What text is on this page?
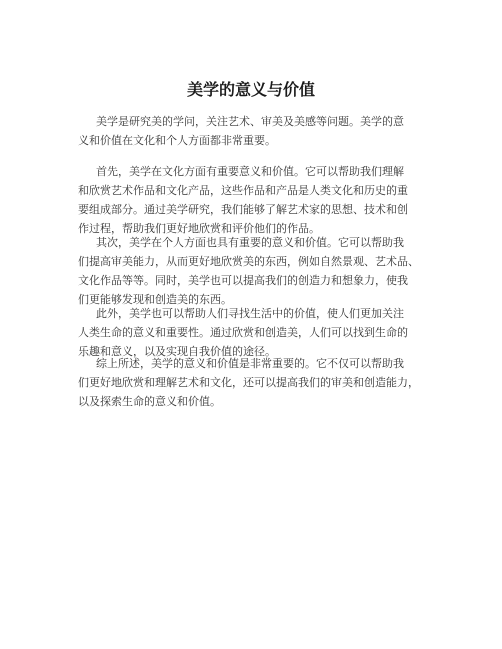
美学的意义与价值

美学是研究美的学问，关注艺术、审美及美感等问题。美学的意
义和价值在文化和个人方面都非常重要。

首先，美学在文化方面有重要意义和价值。它可以帮助我们理解
和欣赏艺术作品和文化产品，这些作品和产品是人类文化和历史的重
要组成部分。通过美学研究，我们能够了解艺术家的思想、技术和创
作过程，帮助我们更好地欣赏和评价他们的作品。

其次，美学在个人方面也具有重要的意义和价值。它可以帮助我
们提高审美能力，从而更好地欣赏美的东西，例如自然景观、艺术品、
文化作品等等。同时，美学也可以提高我们的创造力和想象力，使我
们更能够发现和创造美的东西。

此外，美学也可以帮助人们寻找生活中的价值，使人们更加关注
人类生命的意义和重要性。通过欣赏和创造美，人们可以找到生命的
乐趣和意义，以及实现自我价值的途径。

综上所述，美学的意义和价值是非常重要的。它不仅可以帮助我
们更好地欣赏和理解艺术和文化，还可以提高我们的审美和创造能力，
以及探索生命的意义和价值。
